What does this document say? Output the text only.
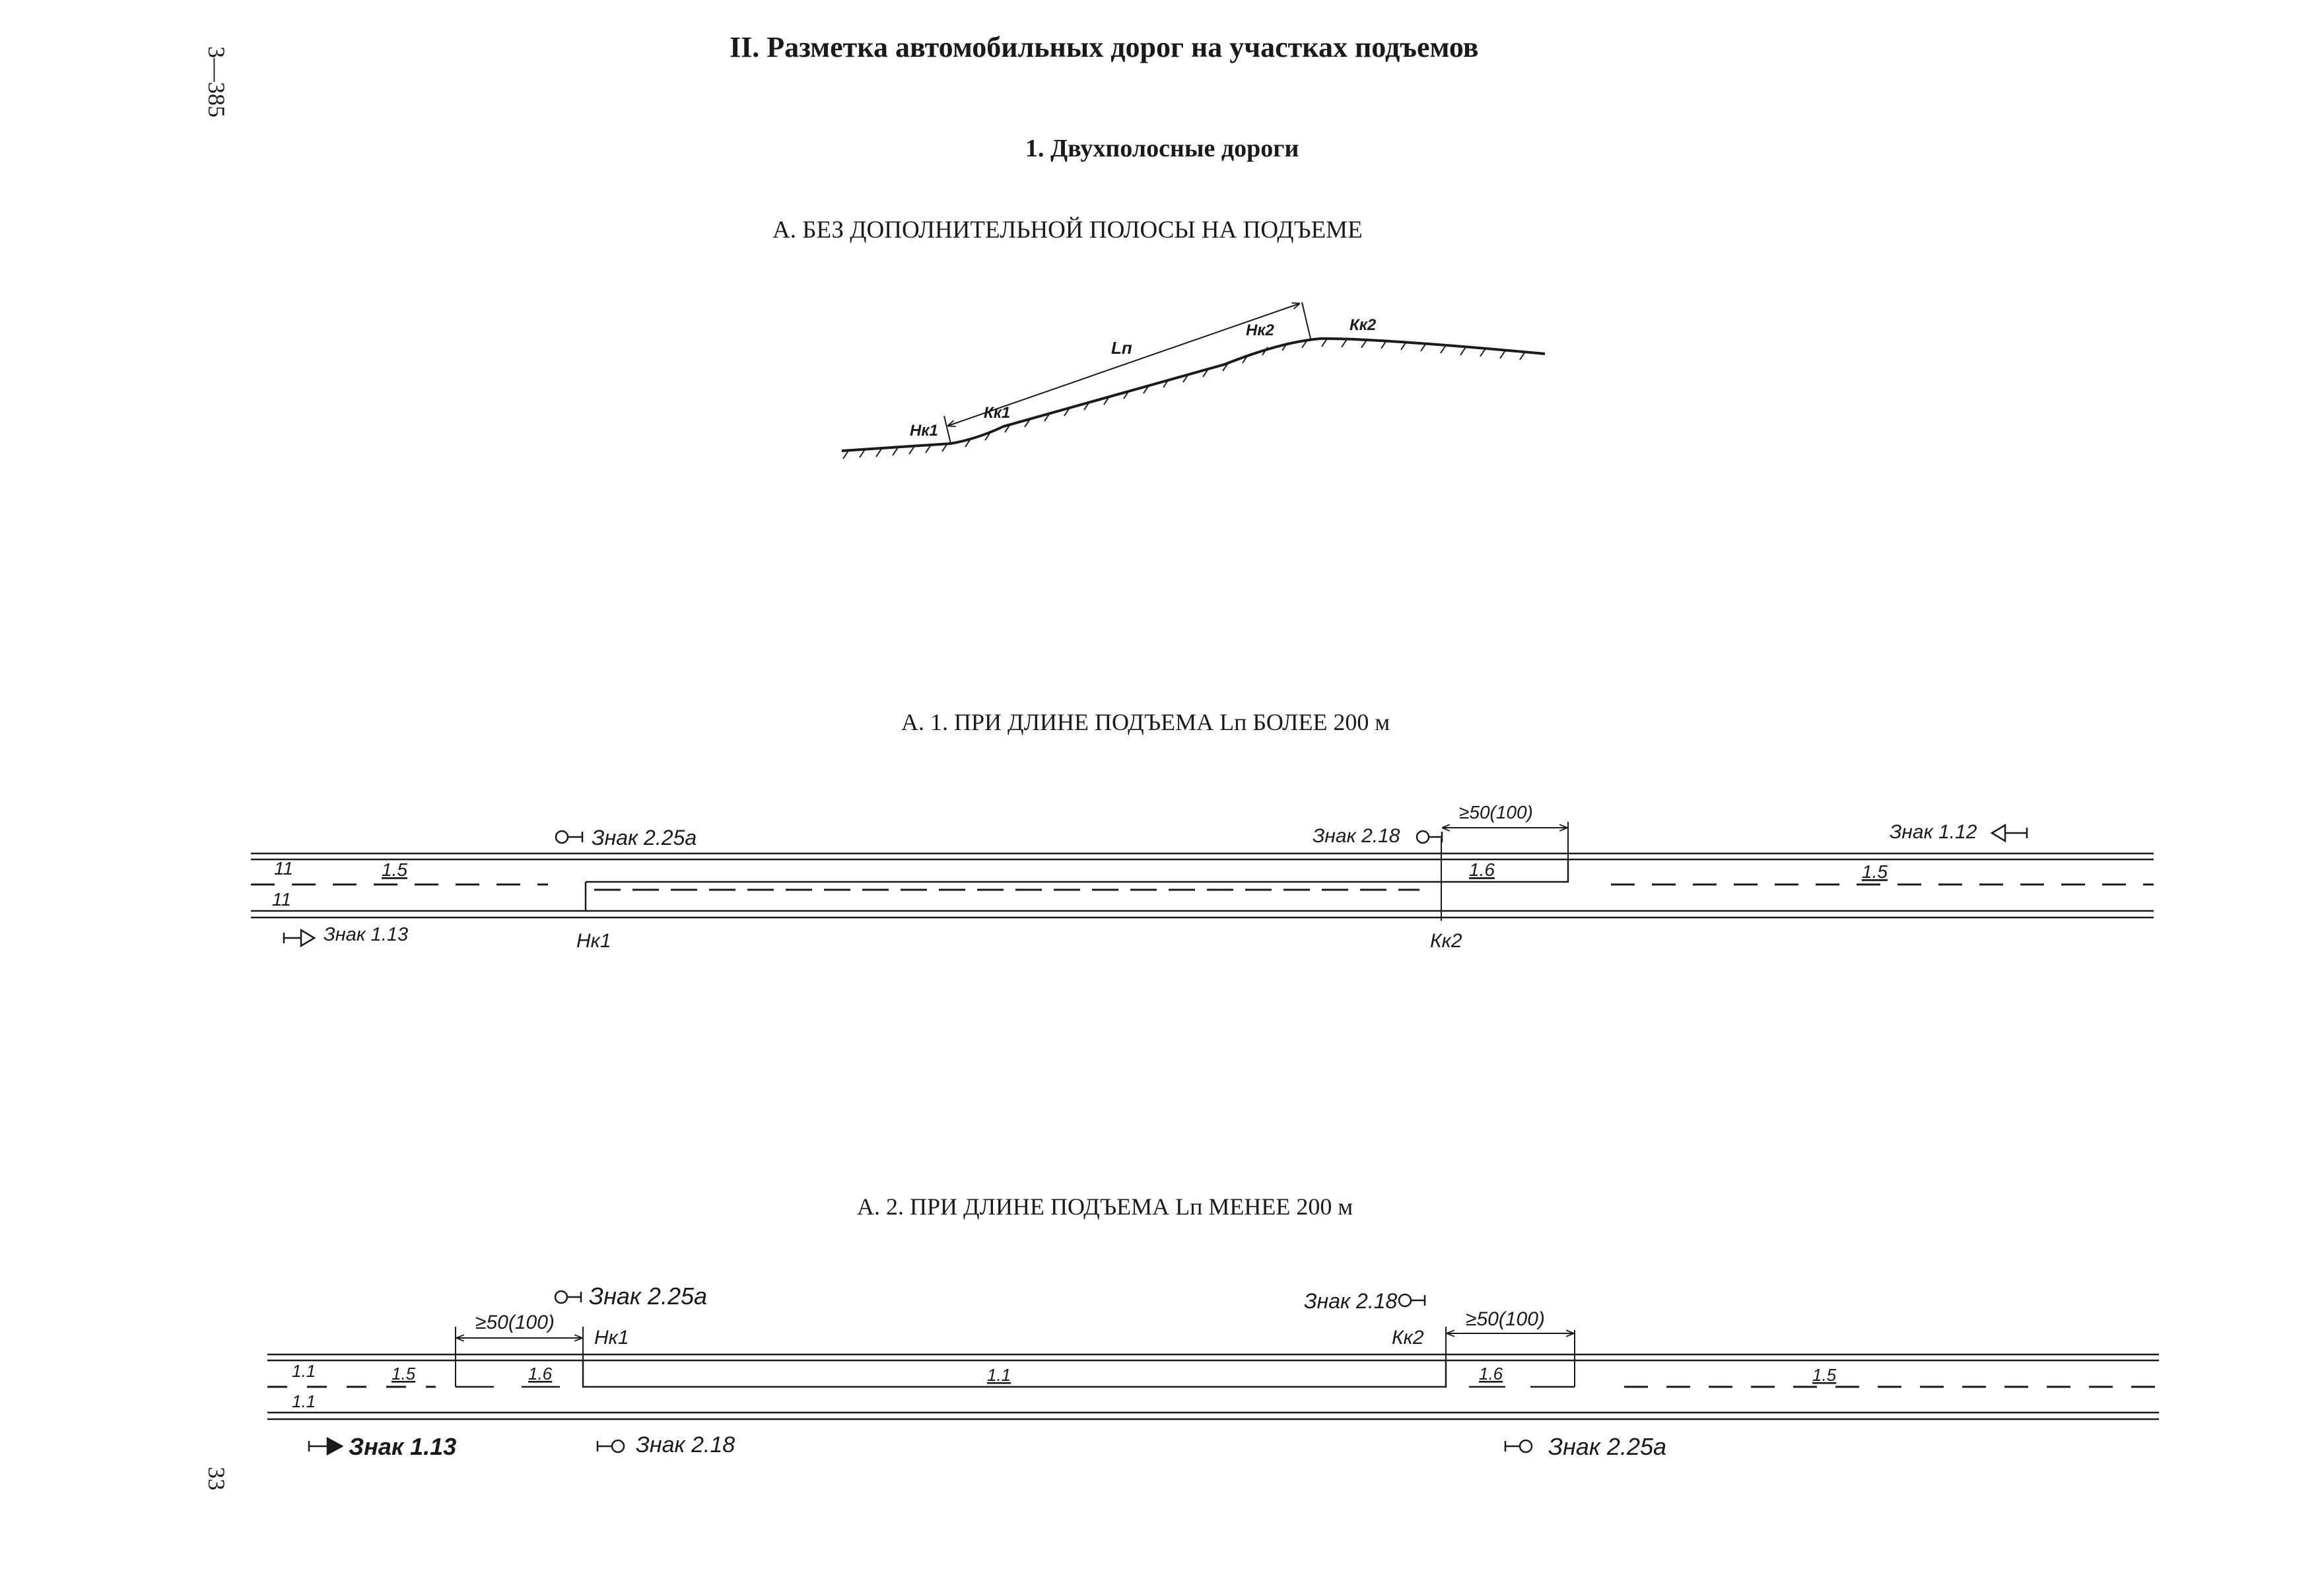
3—385
33
II. Разметка автомобильных дорог на участках подъемов
1. Двухполосные дороги
А. БЕЗ ДОПОЛНИТЕЛЬНОЙ ПОЛОСЫ НА ПОДЪЕМЕ
Lп
Нк1
Кк1
Нк2	Кк2
А. 1. ПРИ ДЛИНЕ ПОДЪЕМА Lп БОЛЕЕ 200 м
≥50(100)
11
11
1.5	1.6	1.5
Нк1	Кк2
Знак 2.25а	Знак 2.18	Знак 1.12
Знак 1.13
А. 2. ПРИ ДЛИНЕ ПОДЪЕМА Lп МЕНЕЕ 200 м
≥50(100)	≥50(100)
Нк1	Кк2
1.1
1.1
1.5	1.6	1.1	1.6	1.5
Знак 2.25а	Знак 2.18
Знак 1.13	Знак 2.18	Знак 2.25а
